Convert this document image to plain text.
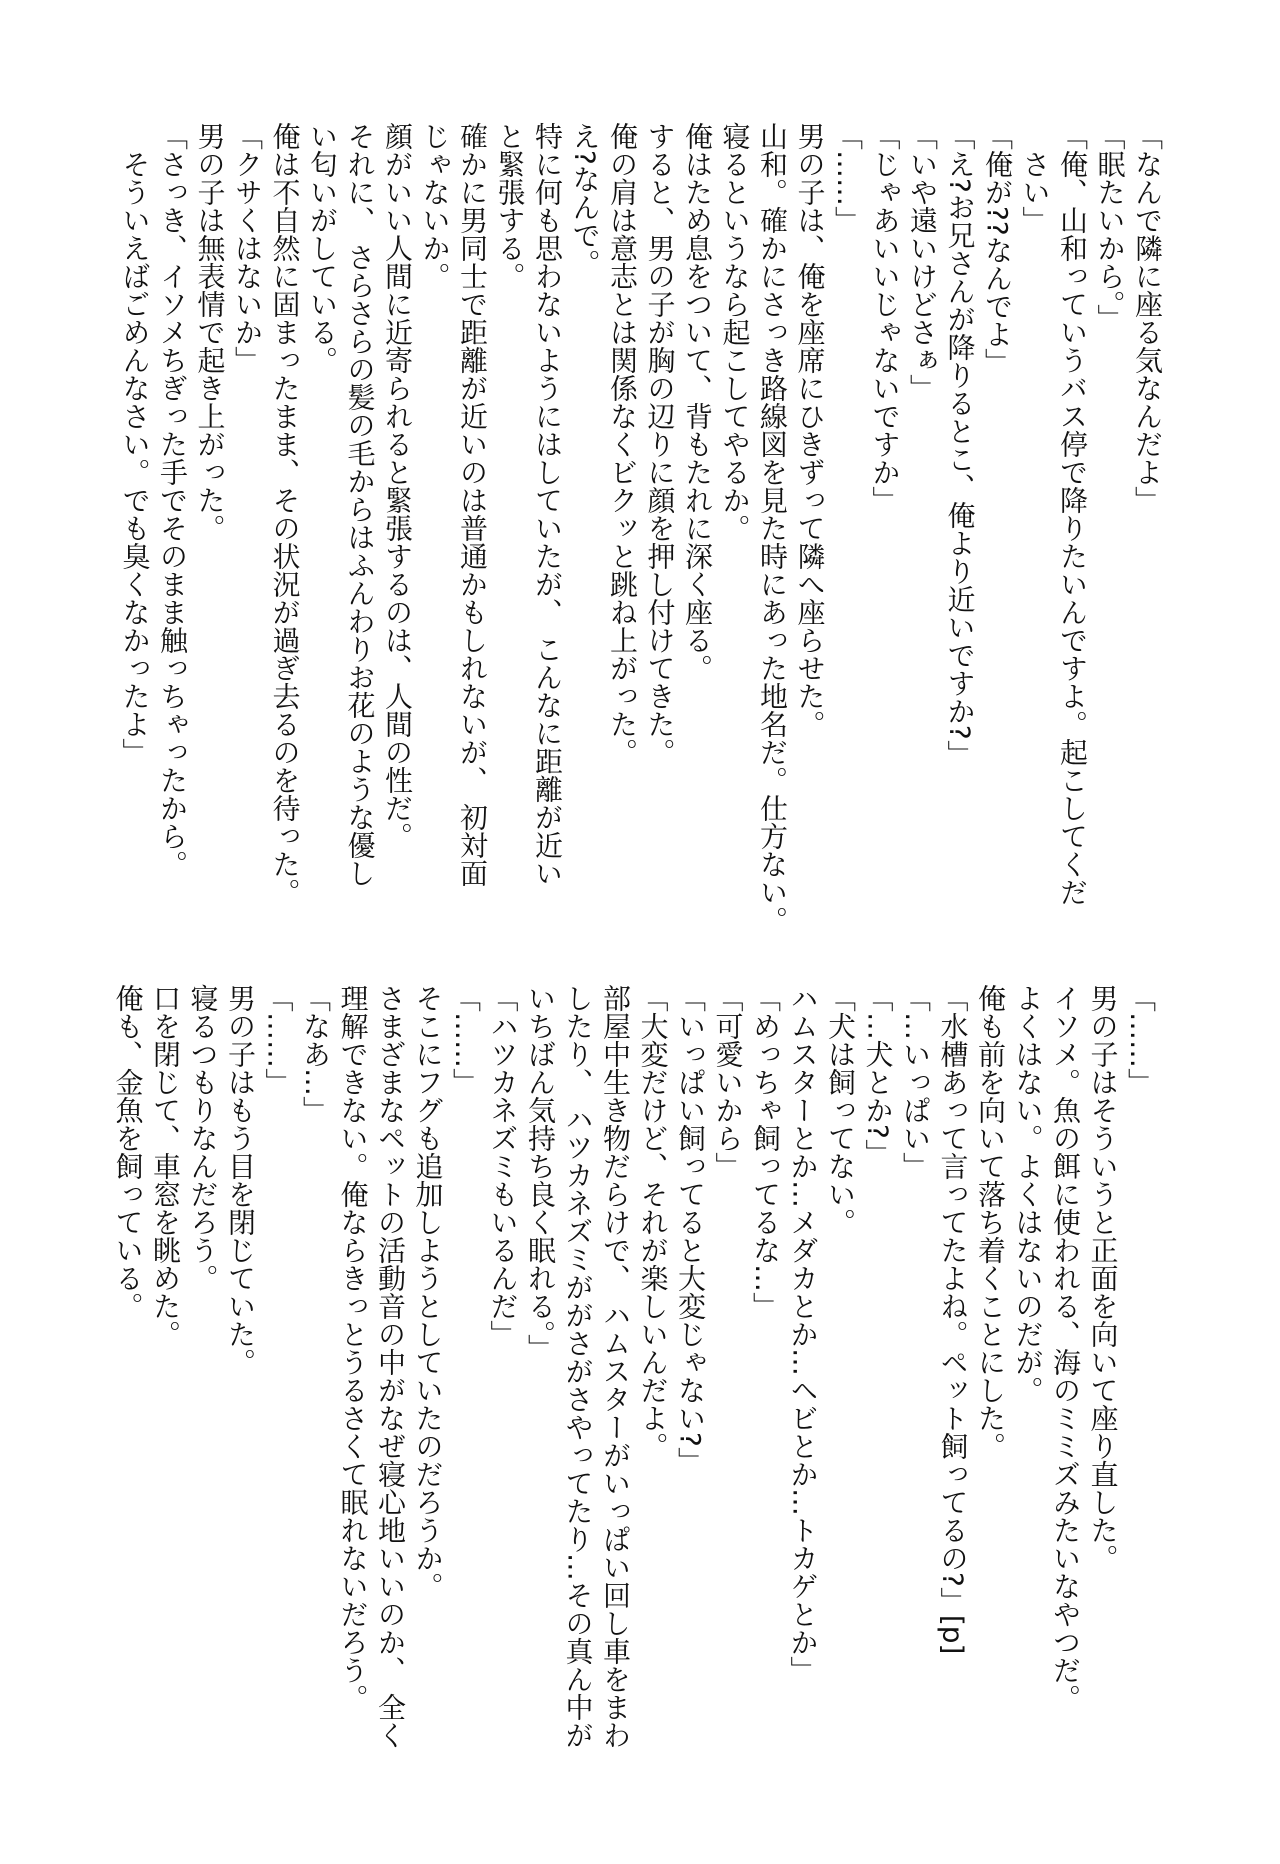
「なんで隣に座る気なんだよ」
「眠たいから。」
「俺、山和っていうバス停で降りたいんですよ。起こしてくだ
　さい」
「俺が??なんでよ」
「え?お兄さんが降りるとこ、俺より近いですか?」
「いや遠いけどさぁ」
「じゃあいいじゃないですか」
「……」
男の子は、俺を座席にひきずって隣へ座らせた。
山和。確かにさっき路線図を見た時にあった地名だ。仕方ない。
寝るというなら起こしてやるか。
俺はため息をついて、背もたれに深く座る。
すると、男の子が胸の辺りに顔を押し付けてきた。
俺の肩は意志とは関係なくビクッと跳ね上がった。
え?なんで。
特に何も思わないようにはしていたが、 こんなに距離が近い
と緊張する。
確かに男同士で距離が近いのは普通かもしれないが、 初対面
じゃないか。
顔がいい人間に近寄られると緊張するのは、人間の性だ。
それに、 さらさらの髪の毛からはふんわりお花のような優し
い匂いがしている。
俺は不自然に固まったまま、その状況が過ぎ去るのを待った。
「クサくはないか」
男の子は無表情で起き上がった。
「さっき、イソメちぎった手でそのまま触っちゃったから。
　そういえばごめんなさい。でも臭くなかったよ」
「……」
男の子はそういうと正面を向いて座り直した。
イソメ。魚の餌に使われる、海のミミズみたいなやつだ。
よくはない。よくはないのだが。
俺も前を向いて落ち着くことにした。
「水槽あって言ってたよね。ペット飼ってるの?」[p]
「…いっぱい」
「…犬とか?」
「犬は飼ってない。
ハムスターとか…メダカとか…ヘビとか…トカゲとか」
「めっちゃ飼ってるな…」
「可愛いから」
「いっぱい飼ってると大変じゃない?」
「大変だけど、それが楽しいんだよ。
部屋中生き物だらけで、 ハムスターがいっぱい回し車をまわ
したり、 ハツカネズミががさがさやってたり…その真ん中が
いちばん気持ち良く眠れる。」
「ハツカネズミもいるんだ」
「……」
そこにフグも追加しようとしていたのだろうか。
さまざまなペットの活動音の中がなぜ寝心地いいのか、 全く
理解できない。俺ならきっとうるさくて眠れないだろう。
「なあ…」
「……」
男の子はもう目を閉じていた。
寝るつもりなんだろう。
口を閉じて、車窓を眺めた。
俺も、金魚を飼っている。
